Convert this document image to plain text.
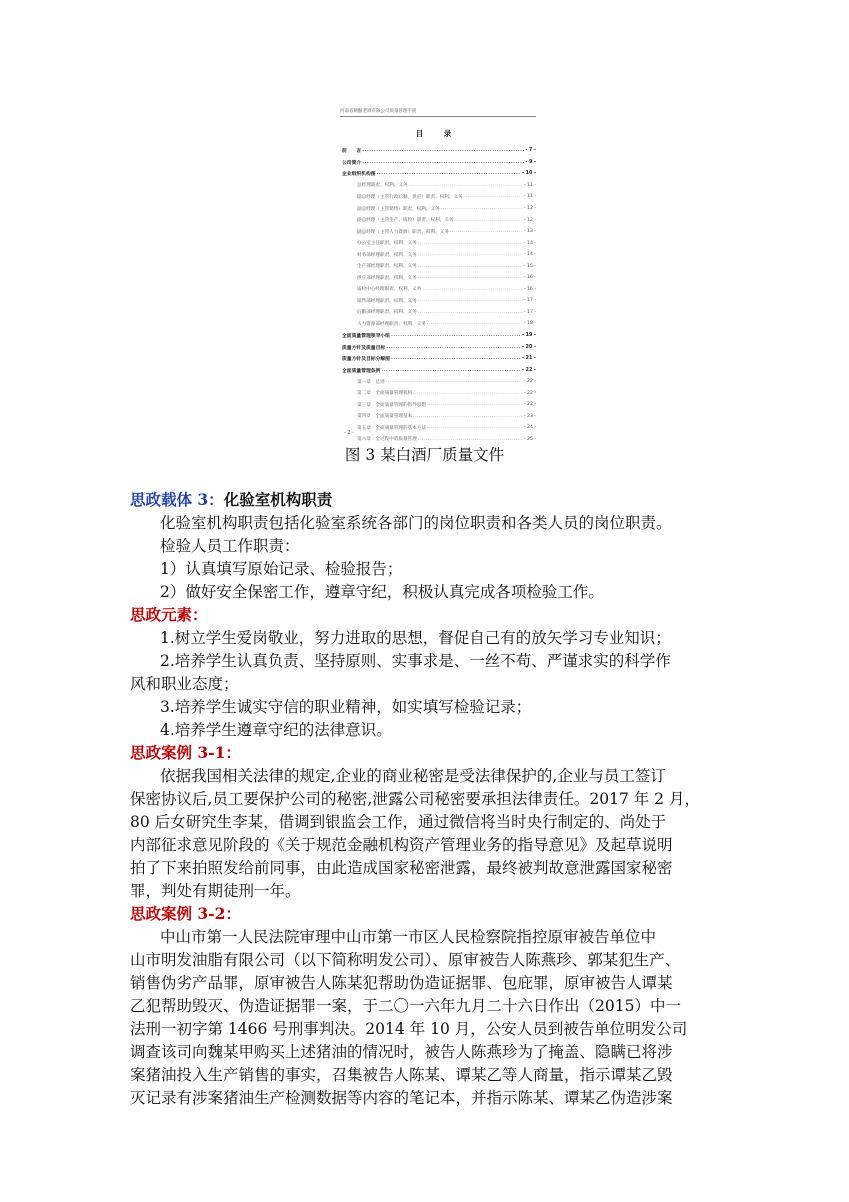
河南省朝酿老酒有限公司质量管理手册
目 录
前　　言 .....	- 7 -
公司简介 .....	- 9 -
企业组织机构图 .....	- 10 -
总经理职责、权利、义务 .....	- 11 -
副总经理（主管行政后勤、供应）职责、权利、义务 .....	- 11 -
副总经理（主管销售）职责、权利、义务 .....	- 12 -
副总经理（主管生产、质检）职责、权利、义务 .....	- 12 -
副总经理（主管人力资源）职责、权利、义务 .....	- 13 -
办公室主任职责、权利、义务 .....	- 14 -
财务部经理职责、权利、义务 .....	- 14 -
生产部经理职责、权利、义务 .....	- 15 -
供应部经理职责、权利、义务 .....	- 16 -
质检中心经理职责、权利、义务 .....	- 16 -
销售部经理职责、权利、义务 .....	- 17 -
后勤部经理职责、权利、义务 .....	- 17 -
人力资源部经理职责、权利、义务 .....	- 18 -
全面质量管理领导小组 .....	- 19 -
质量方针及质量目标 .....	- 20 -
质量方针及目标分解图 .....	- 21 -
全面质量管理条例 .....	- 22 -
第一章　总则 .....	- 22 -
第二章　全面质量管理机构 .....	- 22 -
第三章　全面质量管理的指导思想 .....	- 22 -
第四章　全面质量管理基本 .....	- 23 -
第五章　全面质量管理的基本方法 .....	- 24 -
第六章　全过程中的质量管理 .....	- 25 -
- 2 -
图 3 某白酒厂质量文件
思政载体 3：化验室机构职责
化验室机构职责包括化验室系统各部门的岗位职责和各类人员的岗位职责。
检验人员工作职责：
1）认真填写原始记录、检验报告；
2）做好安全保密工作，遵章守纪，积极认真完成各项检验工作。
思政元素：
1.树立学生爱岗敬业，努力进取的思想，督促自己有的放矢学习专业知识；
2.培养学生认真负责、坚持原则、实事求是、一丝不苟、严谨求实的科学作
风和职业态度；
3.培养学生诚实守信的职业精神，如实填写检验记录；
4.培养学生遵章守纪的法律意识。
思政案例 3-1：
依据我国相关法律的规定,企业的商业秘密是受法律保护的,企业与员工签订
保密协议后,员工要保护公司的秘密,泄露公司秘密要承担法律责任。2017 年 2 月，
80 后女研究生李某，借调到银监会工作，通过微信将当时央行制定的、尚处于
内部征求意见阶段的《关于规范金融机构资产管理业务的指导意见》及起草说明
拍了下来拍照发给前同事，由此造成国家秘密泄露，最终被判故意泄露国家秘密
罪，判处有期徒刑一年。
思政案例 3-2：
中山市第一人民法院审理中山市第一市区人民检察院指控原审被告单位中
山市明发油脂有限公司（以下简称明发公司）、原审被告人陈燕珍、郭某犯生产、
销售伪劣产品罪，原审被告人陈某犯帮助伪造证据罪、包庇罪，原审被告人谭某
乙犯帮助毁灭、伪造证据罪一案，于二〇一六年九月二十六日作出（2015）中一
法刑一初字第 1466 号刑事判决。2014 年 10 月，公安人员到被告单位明发公司
调查该司向魏某甲购买上述猪油的情况时，被告人陈燕珍为了掩盖、隐瞒已将涉
案猪油投入生产销售的事实，召集被告人陈某、谭某乙等人商量，指示谭某乙毁
灭记录有涉案猪油生产检测数据等内容的笔记本，并指示陈某、谭某乙伪造涉案
